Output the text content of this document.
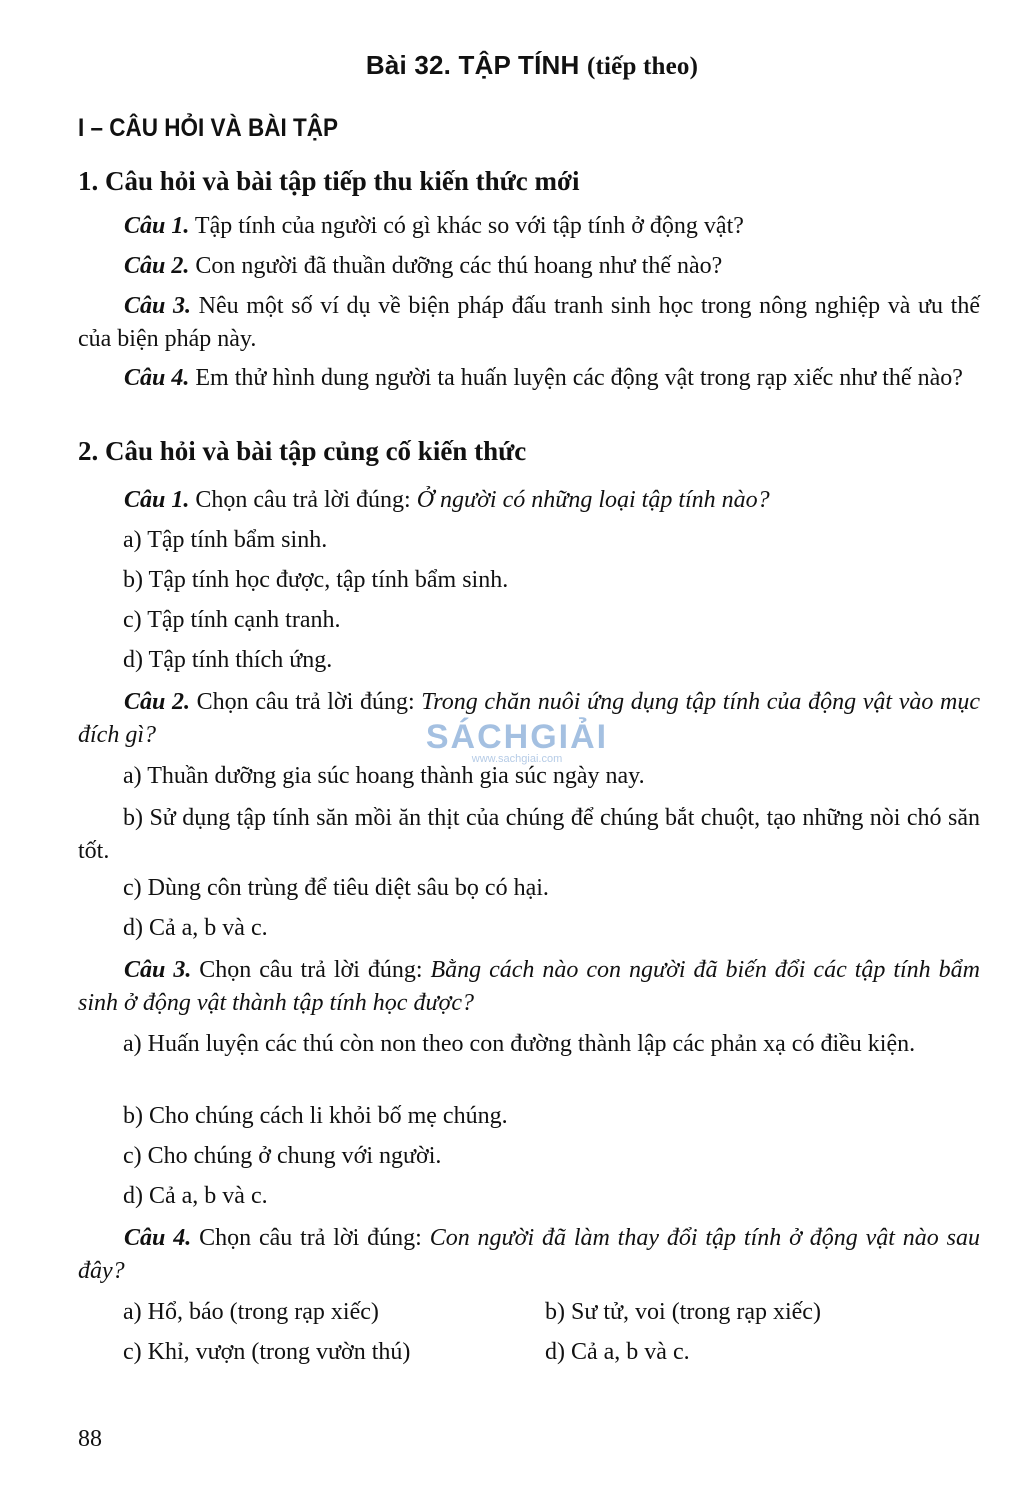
Bài 32. TẬP TÍNH (tiếp theo)
I – CÂU HỎI VÀ BÀI TẬP
1. Câu hỏi và bài tập tiếp thu kiến thức mới
Câu 1. Tập tính của người có gì khác so với tập tính ở động vật?
Câu 2. Con người đã thuần dưỡng các thú hoang như thế nào?
Câu 3. Nêu một số ví dụ về biện pháp đấu tranh sinh học trong nông nghiệp và ưu thế của biện pháp này.
Câu 4. Em thử hình dung người ta huấn luyện các động vật trong rạp xiếc như thế nào?
2. Câu hỏi và bài tập củng cố kiến thức
Câu 1. Chọn câu trả lời đúng: Ở người có những loại tập tính nào?
a) Tập tính bẩm sinh.
b) Tập tính học được, tập tính bẩm sinh.
c) Tập tính cạnh tranh.
d) Tập tính thích ứng.
Câu 2. Chọn câu trả lời đúng: Trong chăn nuôi ứng dụng tập tính của động vật vào mục đích gì?
a) Thuần dưỡng gia súc hoang thành gia súc ngày nay.
b) Sử dụng tập tính săn mồi ăn thịt của chúng để chúng bắt chuột, tạo những nòi chó săn tốt.
c) Dùng côn trùng để tiêu diệt sâu bọ có hại.
d) Cả a, b và c.
Câu 3. Chọn câu trả lời đúng: Bằng cách nào con người đã biến đổi các tập tính bẩm sinh ở động vật thành tập tính học được?
a) Huấn luyện các thú còn non theo con đường thành lập các phản xạ có điều kiện.
b) Cho chúng cách li khỏi bố mẹ chúng.
c) Cho chúng ở chung với người.
d) Cả a, b và c.
Câu 4. Chọn câu trả lời đúng: Con người đã làm thay đổi tập tính ở động vật nào sau đây?
a) Hổ, báo (trong rạp xiếc)	b) Sư tử, voi (trong rạp xiếc)
c) Khỉ, vượn (trong vườn thú)	d) Cả a, b và c.
SÁCHGIẢI
www.sachgiai.com
88
